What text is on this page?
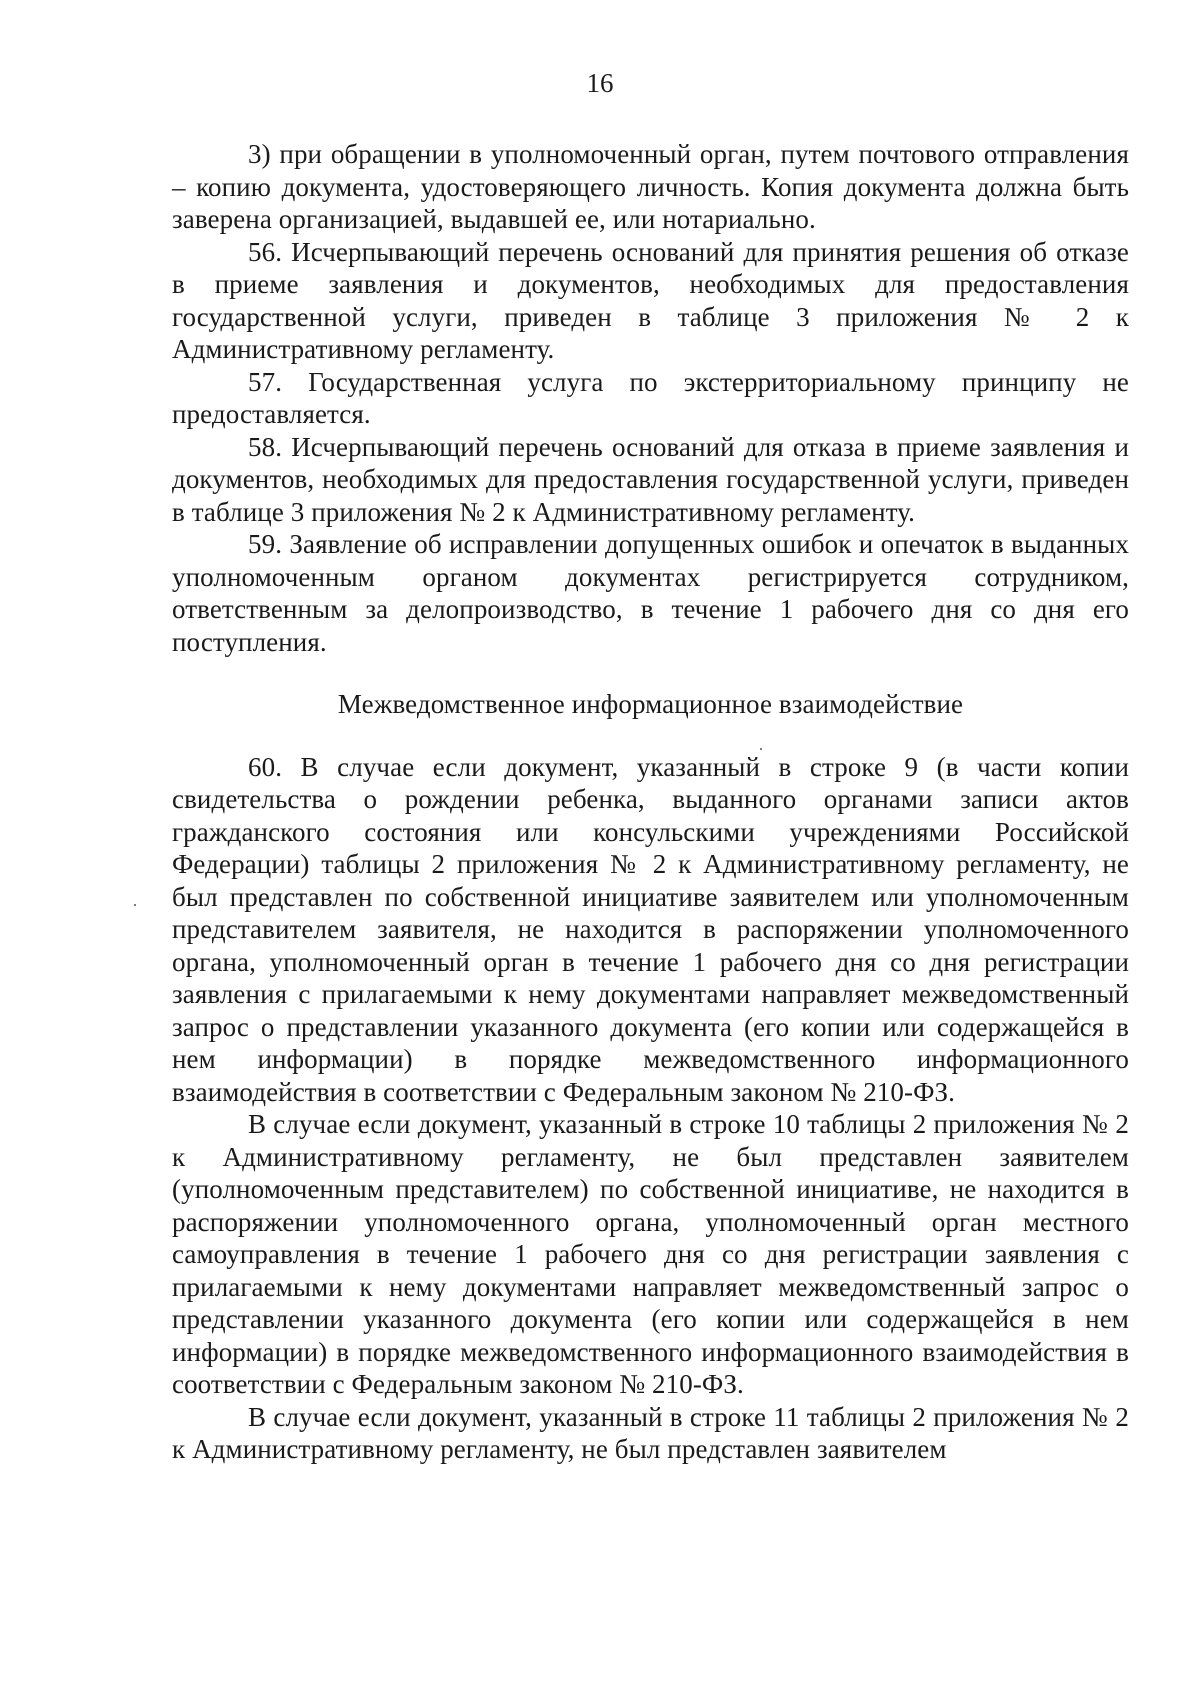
16

3) при обращении в уполномоченный орган, путем почтового отправления – копию документа, удостоверяющего личность. Копия документа должна быть заверена организацией, выдавшей ее, или нотариально.

56. Исчерпывающий перечень оснований для принятия решения об отказе в приеме заявления и документов, необходимых для предоставления государственной услуги, приведен в таблице 3 приложения № 2 к Административному регламенту.

57. Государственная услуга по экстерриториальному принципу не предоставляется.

58. Исчерпывающий перечень оснований для отказа в приеме заявления и документов, необходимых для предоставления государственной услуги, приведен в таблице 3 приложения № 2 к Административному регламенту.

59. Заявление об исправлении допущенных ошибок и опечаток в выданных уполномоченным органом документах регистрируется сотрудником, ответственным за делопроизводство, в течение 1 рабочего дня со дня его поступления.

Межведомственное информационное взаимодействие

60. В случае если документ, указанный в строке 9 (в части копии свидетельства о рождении ребенка, выданного органами записи актов гражданского состояния или консульскими учреждениями Российской Федерации) таблицы 2 приложения № 2 к Административному регламенту, не был представлен по собственной инициативе заявителем или уполномоченным представителем заявителя, не находится в распоряжении уполномоченного органа, уполномоченный орган в течение 1 рабочего дня со дня регистрации заявления с прилагаемыми к нему документами направляет межведомственный запрос о представлении указанного документа (его копии или содержащейся в нем информации) в порядке межведомственного информационного взаимодействия в соответствии с Федеральным законом № 210-ФЗ.

В случае если документ, указанный в строке 10 таблицы 2 приложения № 2 к Административному регламенту, не был представлен заявителем (уполномоченным представителем) по собственной инициативе, не находится в распоряжении уполномоченного органа, уполномоченный орган местного самоуправления в течение 1 рабочего дня со дня регистрации заявления с прилагаемыми к нему документами направляет межведомственный запрос о представлении указанного документа (его копии или содержащейся в нем информации) в порядке межведомственного информационного взаимодействия в соответствии с Федеральным законом № 210-ФЗ.

В случае если документ, указанный в строке 11 таблицы 2 приложения № 2 к Административному регламенту, не был представлен заявителем
